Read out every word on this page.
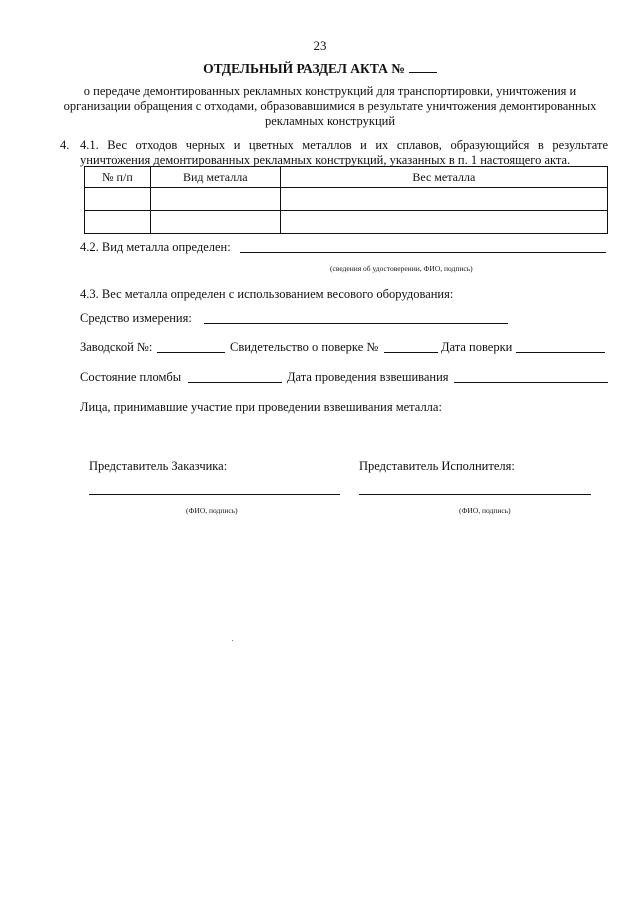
23
ОТДЕЛЬНЫЙ РАЗДЕЛ АКТА №
о передаче демонтированных рекламных конструкций для транспортировки, уничтожения и организации обращения с отходами, образовавшимися в результате уничтожения демонтированных рекламных конструкций
4. 4.1. Вес отходов черных и цветных металлов и их сплавов, образующийся в результате уничтожения демонтированных рекламных конструкций, указанных в п. 1 настоящего акта.
№ п/п	Вид металла	Вес металла

4.2. Вид металла определен:
(сведения об удостоверении, ФИО, подпись)
4.3. Вес металла определен с использованием весового оборудования:
Средство измерения:
Заводской №:	Свидетельство о поверке №	Дата поверки
Состояние пломбы	Дата проведения взвешивания
Лица, принимавшие участие при проведении взвешивания металла:
Представитель Заказчика:
(ФИО, подпись)
Представитель Исполнителя:
(ФИО, подпись)
